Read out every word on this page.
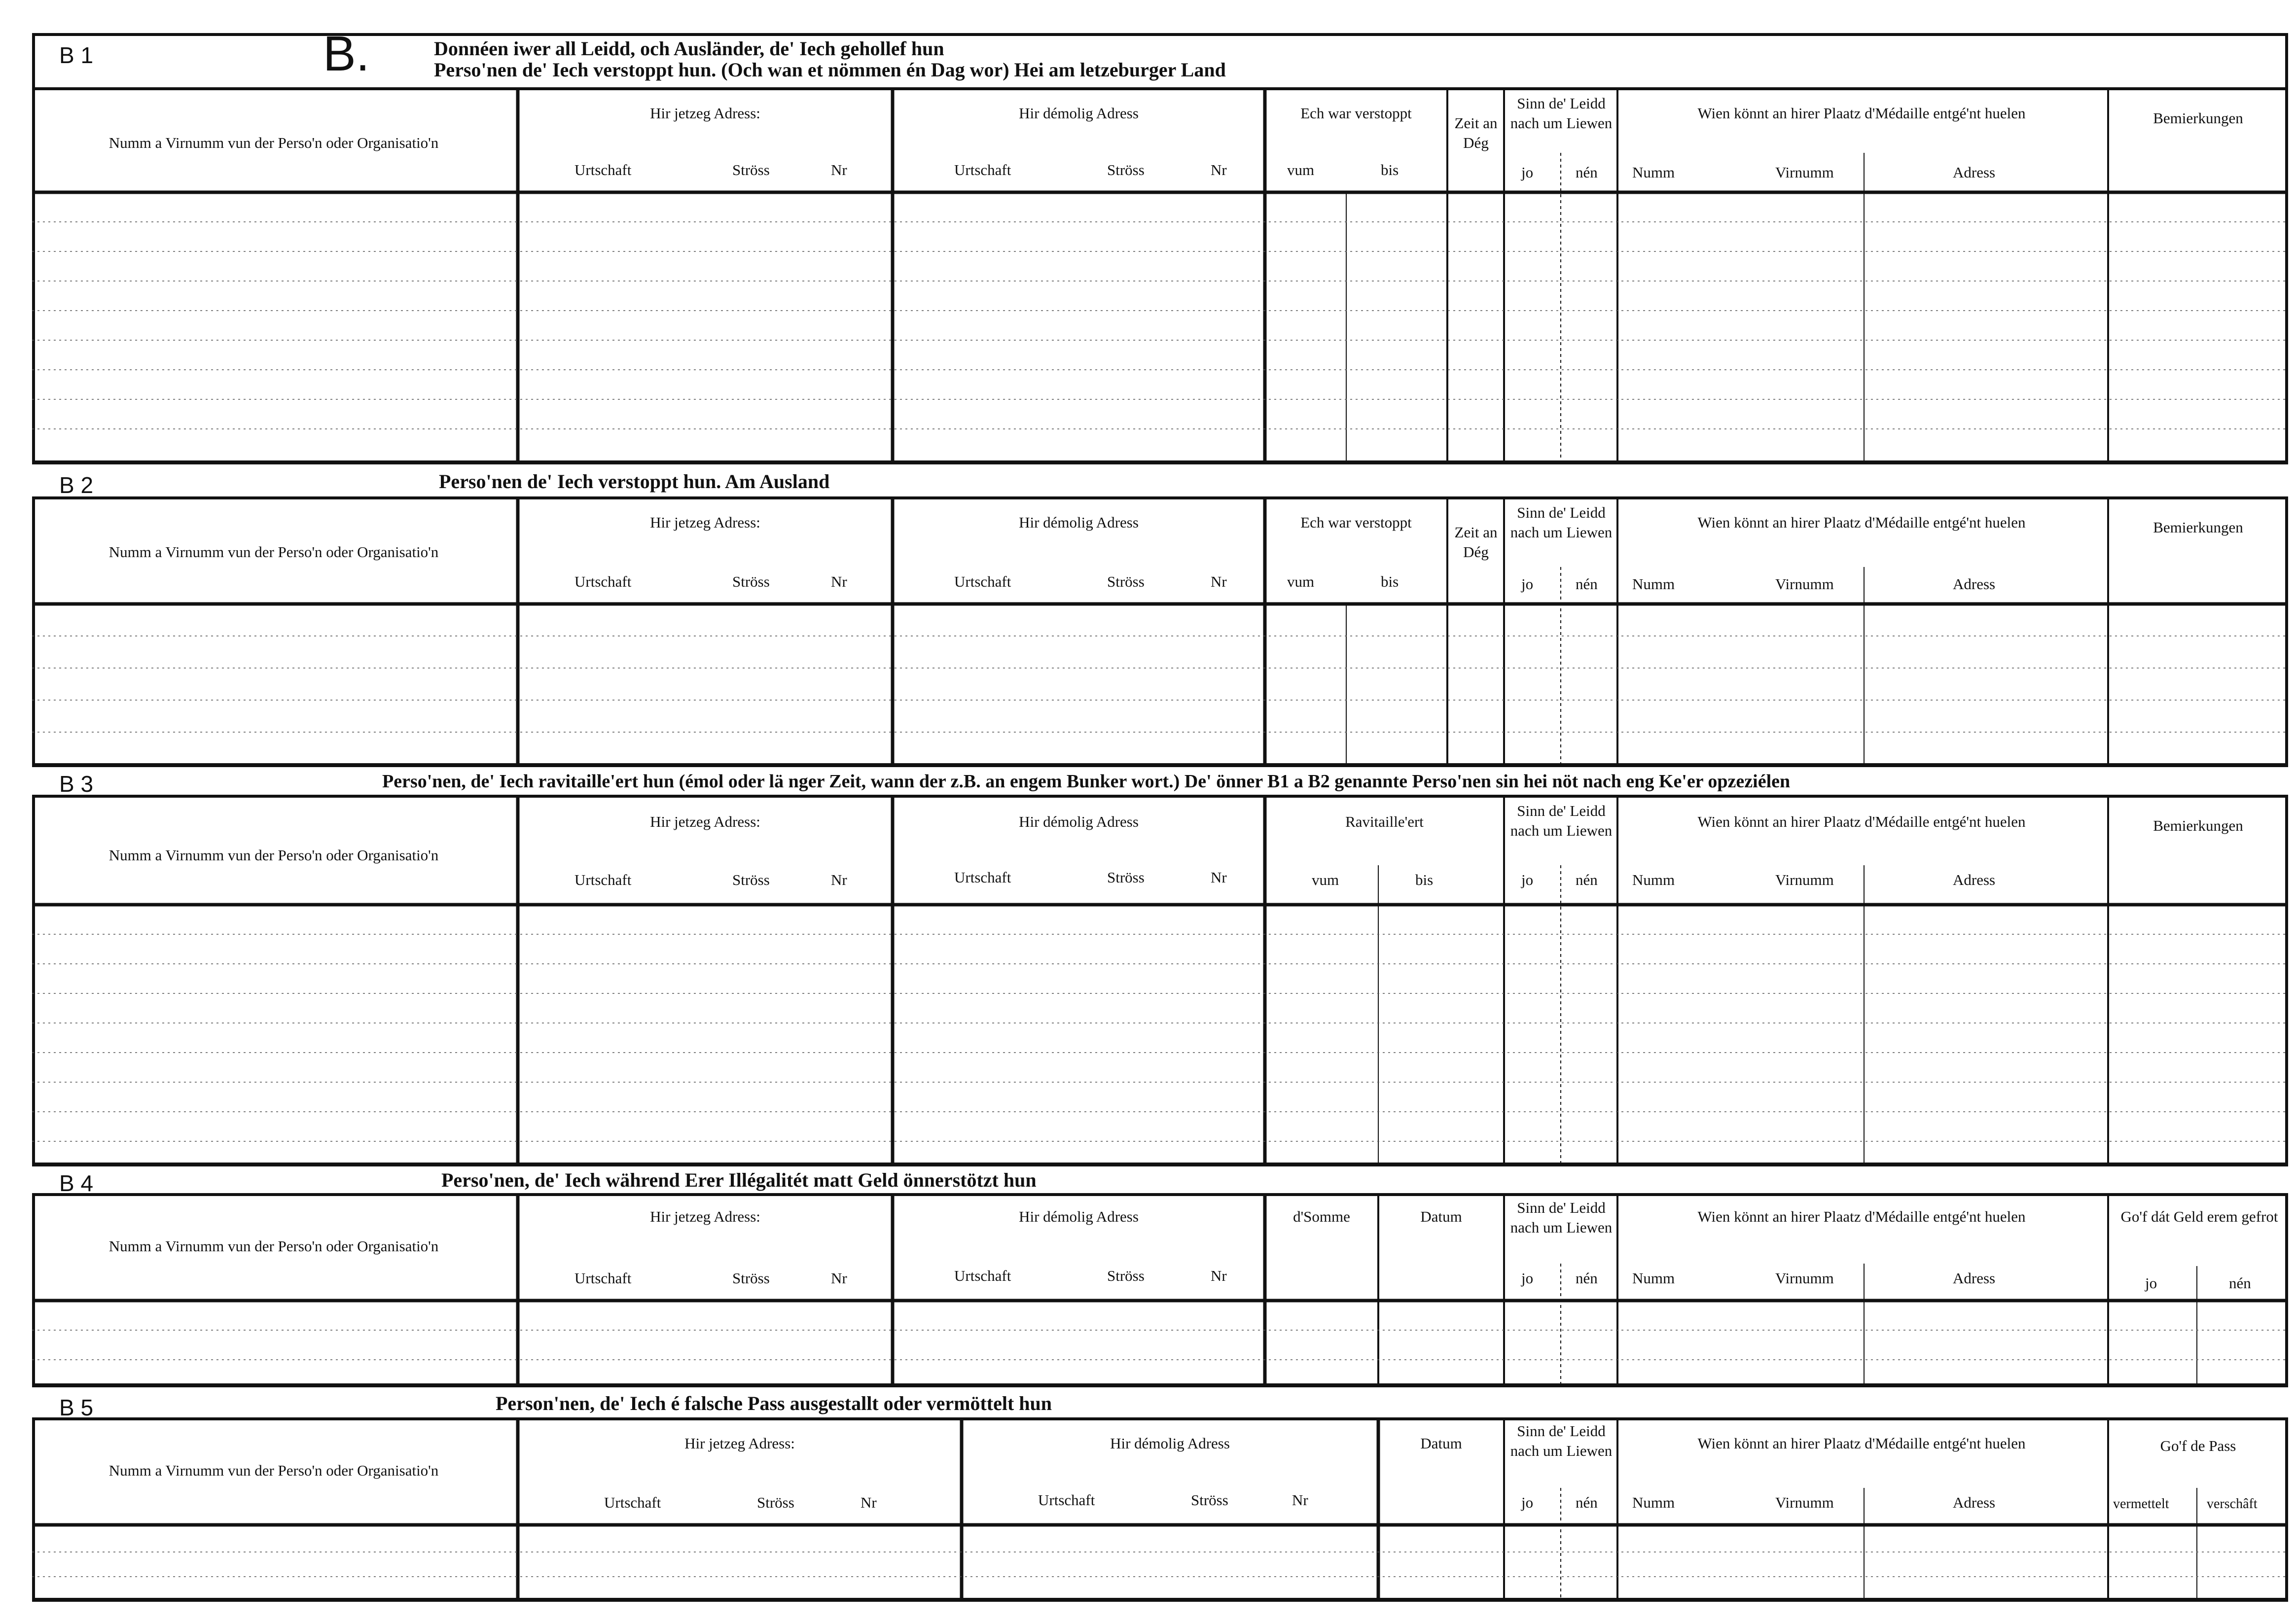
B 1	B.	Donnéen iwer all Leidd, och Ausländer, de' Iech gehollef hun
Perso'nen de' Iech verstoppt hun. (Och wan et nömmen én Dag wor) Hei am letzeburger Land
Numm a Virnumm vun der Perso'n oder Organisatio'n
Hir jetzeg Adress:
Urtschaft	Ströss	Nr
Hir démolig Adress
Urtschaft	Ströss	Nr
Ech war verstoppt
vum	bis
Zeit an Dég
Sinn de' Leidd nach um Liewen
jo	nén
Wien könnt an hirer Plaatz d'Médaille entgé'nt huelen
Numm	Virnumm	Adress
Bemierkungen
B 2	Perso'nen de' Iech verstoppt hun. Am Ausland
Numm a Virnumm vun der Perso'n oder Organisatio'n
Hir jetzeg Adress:
Urtschaft	Ströss	Nr
Hir démolig Adress
Urtschaft	Ströss	Nr
Ech war verstoppt
vum	bis
Zeit an Dég
Sinn de' Leidd nach um Liewen
jo	nén
Wien könnt an hirer Plaatz d'Médaille entgé'nt huelen
Numm	Virnumm	Adress
Bemierkungen
B 3	Perso'nen, de' Iech ravitaille'ert hun (émol oder lä nger Zeit, wann der z.B. an engem Bunker wort.) De' önner B1 a B2 genannte Perso'nen sin hei nöt nach eng Ke'er opzeziélen
Numm a Virnumm vun der Perso'n oder Organisatio'n
Hir jetzeg Adress:
Urtschaft	Ströss	Nr
Hir démolig Adress
Urtschaft	Ströss	Nr
Ravitaille'ert
vum	bis
Sinn de' Leidd nach um Liewen
jo	nén
Wien könnt an hirer Plaatz d'Médaille entgé'nt huelen
Numm	Virnumm	Adress
Bemierkungen
B 4	Perso'nen, de' Iech während Erer Illégalitét matt Geld önnerstötzt hun
Numm a Virnumm vun der Perso'n oder Organisatio'n
Hir jetzeg Adress:
Urtschaft	Ströss	Nr
Hir démolig Adress
Urtschaft	Ströss	Nr
d'Somme	Datum
Sinn de' Leidd nach um Liewen
jo	nén
Wien könnt an hirer Plaatz d'Médaille entgé'nt huelen
Numm	Virnumm	Adress
Go'f dát Geld erem gefrot
jo	nén
B 5	Person'nen, de' Iech é falsche Pass ausgestallt oder vermöttelt hun
Numm a Virnumm vun der Perso'n oder Organisatio'n
Hir jetzeg Adress:
Urtschaft	Ströss	Nr
Hir démolig Adress
Urtschaft	Ströss	Nr
Datum
Sinn de' Leidd nach um Liewen
jo	nén
Wien könnt an hirer Plaatz d'Médaille entgé'nt huelen
Numm	Virnumm	Adress
Go'f de Pass
vermettelt	verschâft
